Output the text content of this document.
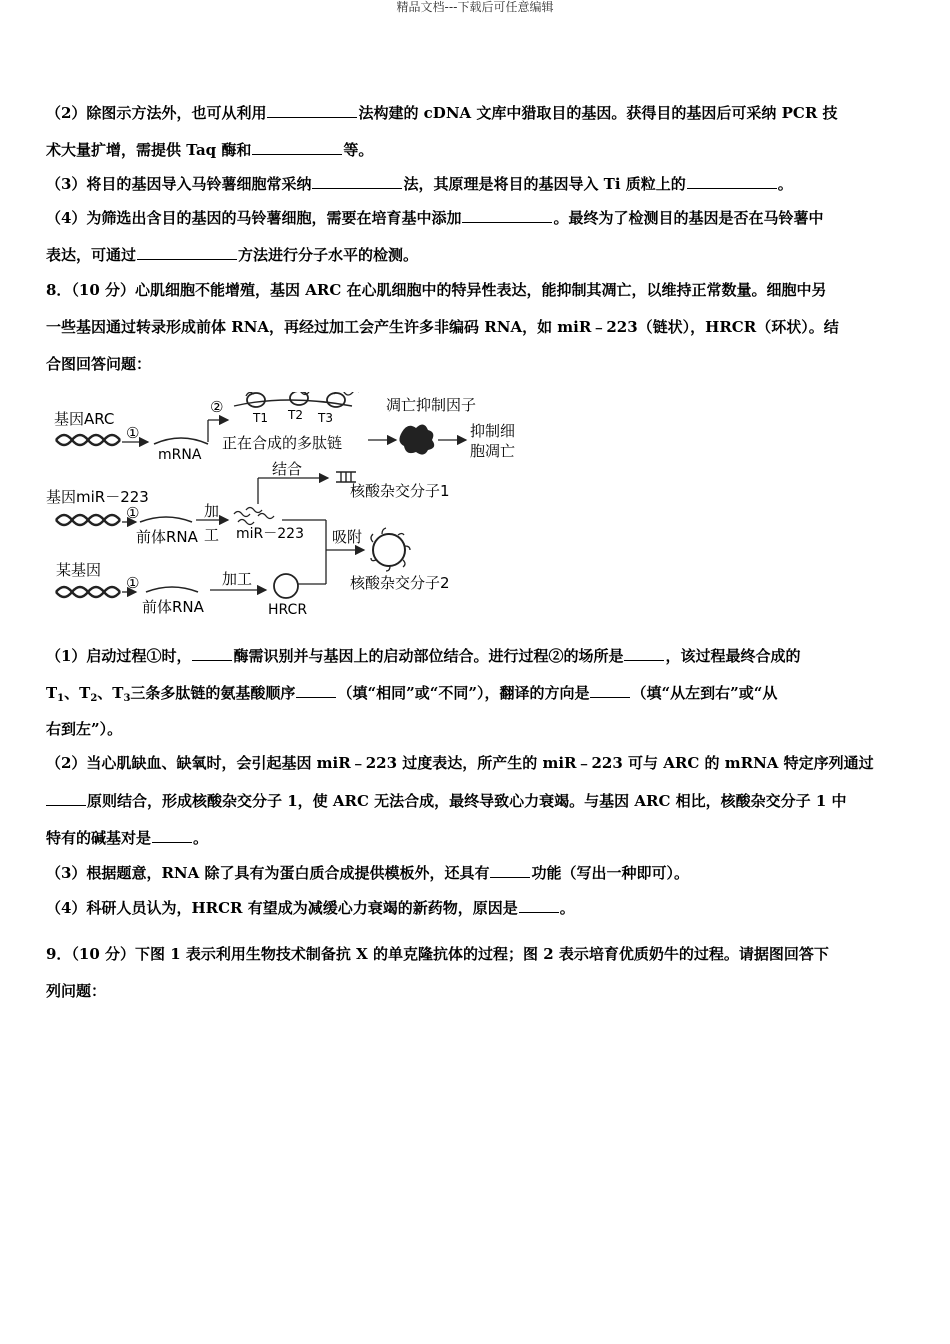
精品文档---下载后可任意编辑
（2）除图示方法外，也可从利用	法构建的 cDNA 文库中猎取目的基因。获得目的基因后可采纳 PCR 技
术大量扩增，需提供 Taq 酶和	等。
（3）将目的基因导入马铃薯细胞常采纳	法，其原理是将目的基因导入 Ti 质粒上的	。
（4）为筛选出含目的基因的马铃薯细胞，需要在培育基中添加	。最终为了检测目的基因是否在马铃薯中
表达，可通过	方法进行分子水平的检测。
8．（10 分）心肌细胞不能增殖，基因 ARC 在心肌细胞中的特异性表达，能抑制其凋亡，以维持正常数量。细胞中另
一些基因通过转录形成前体 RNA，再经过加工会产生许多非编码 RNA，如 miR﹣223（链状），HRCR（环状）。结
合图回答问题：
基因ARC
①
mRNA
②
T1 T2 T3
正在合成的多肽链
凋亡抑制因子
抑制细
胞凋亡
结合
核酸杂交分子1
基因miR－223
①
前体RNA
加
工 miR－223 吸附
核酸杂交分子2
某基因
①
前体RNA
加工
HRCR
（1）启动过程①时，	酶需识别并与基因上的启动部位结合。进行过程②的场所是	，该过程最终合成的
$T_1$、$T_2$、$T_3$三条多肽链的氨基酸顺序	（填“相同”或“不同”），翻译的方向是	（填“从左到右”或“从
右到左”）。
（2）当心肌缺血、缺氧时，会引起基因 miR﹣223 过度表达，所产生的 miR﹣223 可与 ARC 的 mRNA 特定序列通过
原则结合，形成核酸杂交分子 1，使 ARC 无法合成，最终导致心力衰竭。与基因 ARC 相比，核酸杂交分子 1 中
特有的碱基对是	。
（3）根据题意，RNA 除了具有为蛋白质合成提供模板外，还具有	功能（写出一种即可）。
（4）科研人员认为，HRCR 有望成为减缓心力衰竭的新药物，原因是	。
9．（10 分）下图 1 表示利用生物技术制备抗 X 的单克隆抗体的过程；图 2 表示培育优质奶牛的过程。请据图回答下
列问题：
